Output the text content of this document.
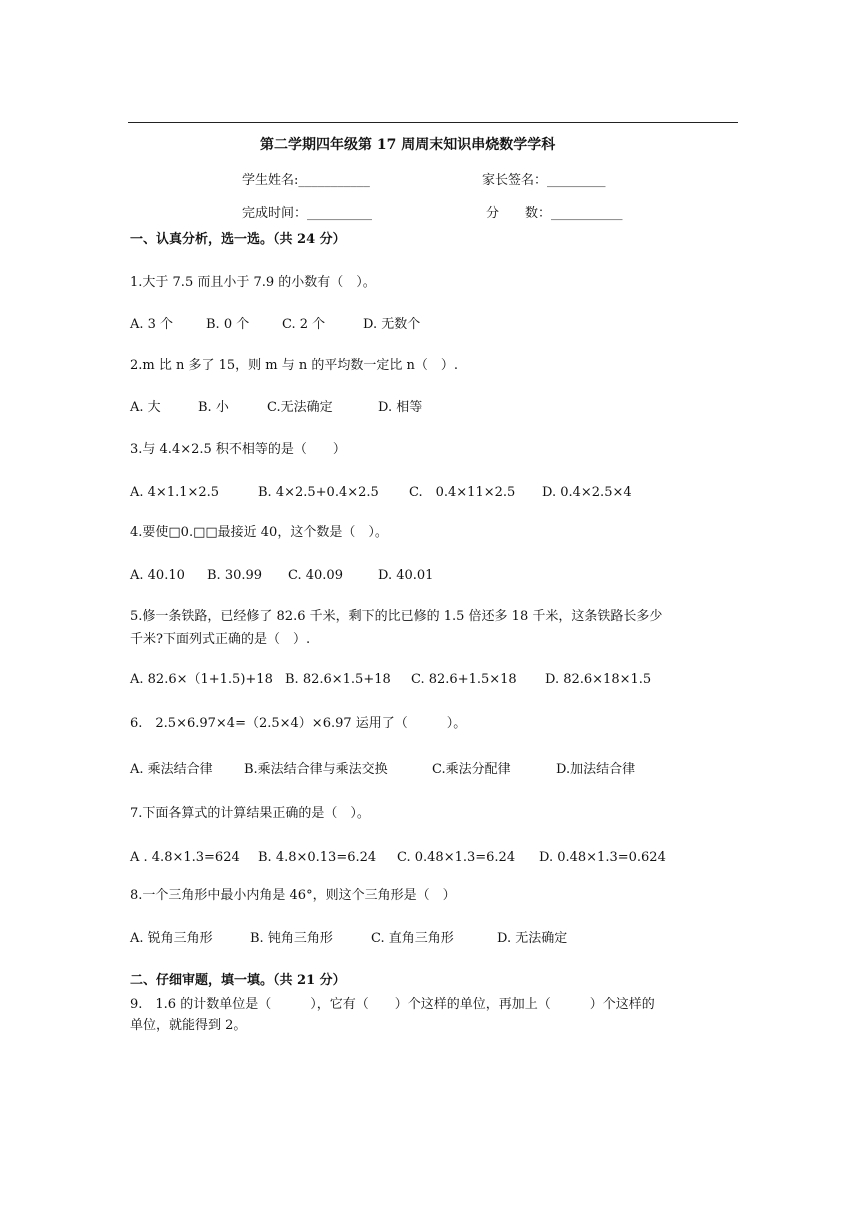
第二学期四年级第 17 周周末知识串烧数学学科
学生姓名:___________	家长签名：_________
完成时间：__________	分　　数：___________
一、认真分析，选一选。（共 24 分）
1.大于 7.5 而且小于 7.9 的小数有（　）。
A. 3 个	B. 0 个	C. 2 个	D. 无数个
2.m 比 n 多了 15，则 m 与 n 的平均数一定比 n（　）.
A. 大	B. 小	C.无法确定	D. 相等
3.与 4.4×2.5 积不相等的是（　　）
A. 4×1.1×2.5	B. 4×2.5+0.4×2.5 C.　0.4×11×2.5 D. 0.4×2.5×4
4.要使□0.□□最接近 40，这个数是（　）。
A. 40.10 B. 30.99 C. 40.09	D. 40.01
5.修一条铁路，已经修了 82.6 千米，剩下的比已修的 1.5 倍还多 18 千米，这条铁路长多少
千米?下面列式正确的是（　）.
A. 82.6×（1+1.5)+18 B. 82.6×1.5+18 C. 82.6+1.5×18 D. 82.6×18×1.5
6.　2.5×6.97×4=（2.5×4）×6.97 运用了（　　　）。
A. 乘法结合律 B.乘法结合律与乘法交换	C.乘法分配律	D.加法结合律
7.下面各算式的计算结果正确的是（　）。
A . 4.8×1.3=624 B. 4.8×0.13=6.24 C. 0.48×1.3=6.24 D. 0.48×1.3=0.624
8.一个三角形中最小内角是 46°，则这个三角形是（　）
A. 锐角三角形	B. 钝角三角形	C. 直角三角形	D. 无法确定
二、仔细审题，填一填。（共 21 分）
9.　1.6 的计数单位是（　　　），它有（　　）个这样的单位，再加上（　　　）个这样的
单位，就能得到 2。
